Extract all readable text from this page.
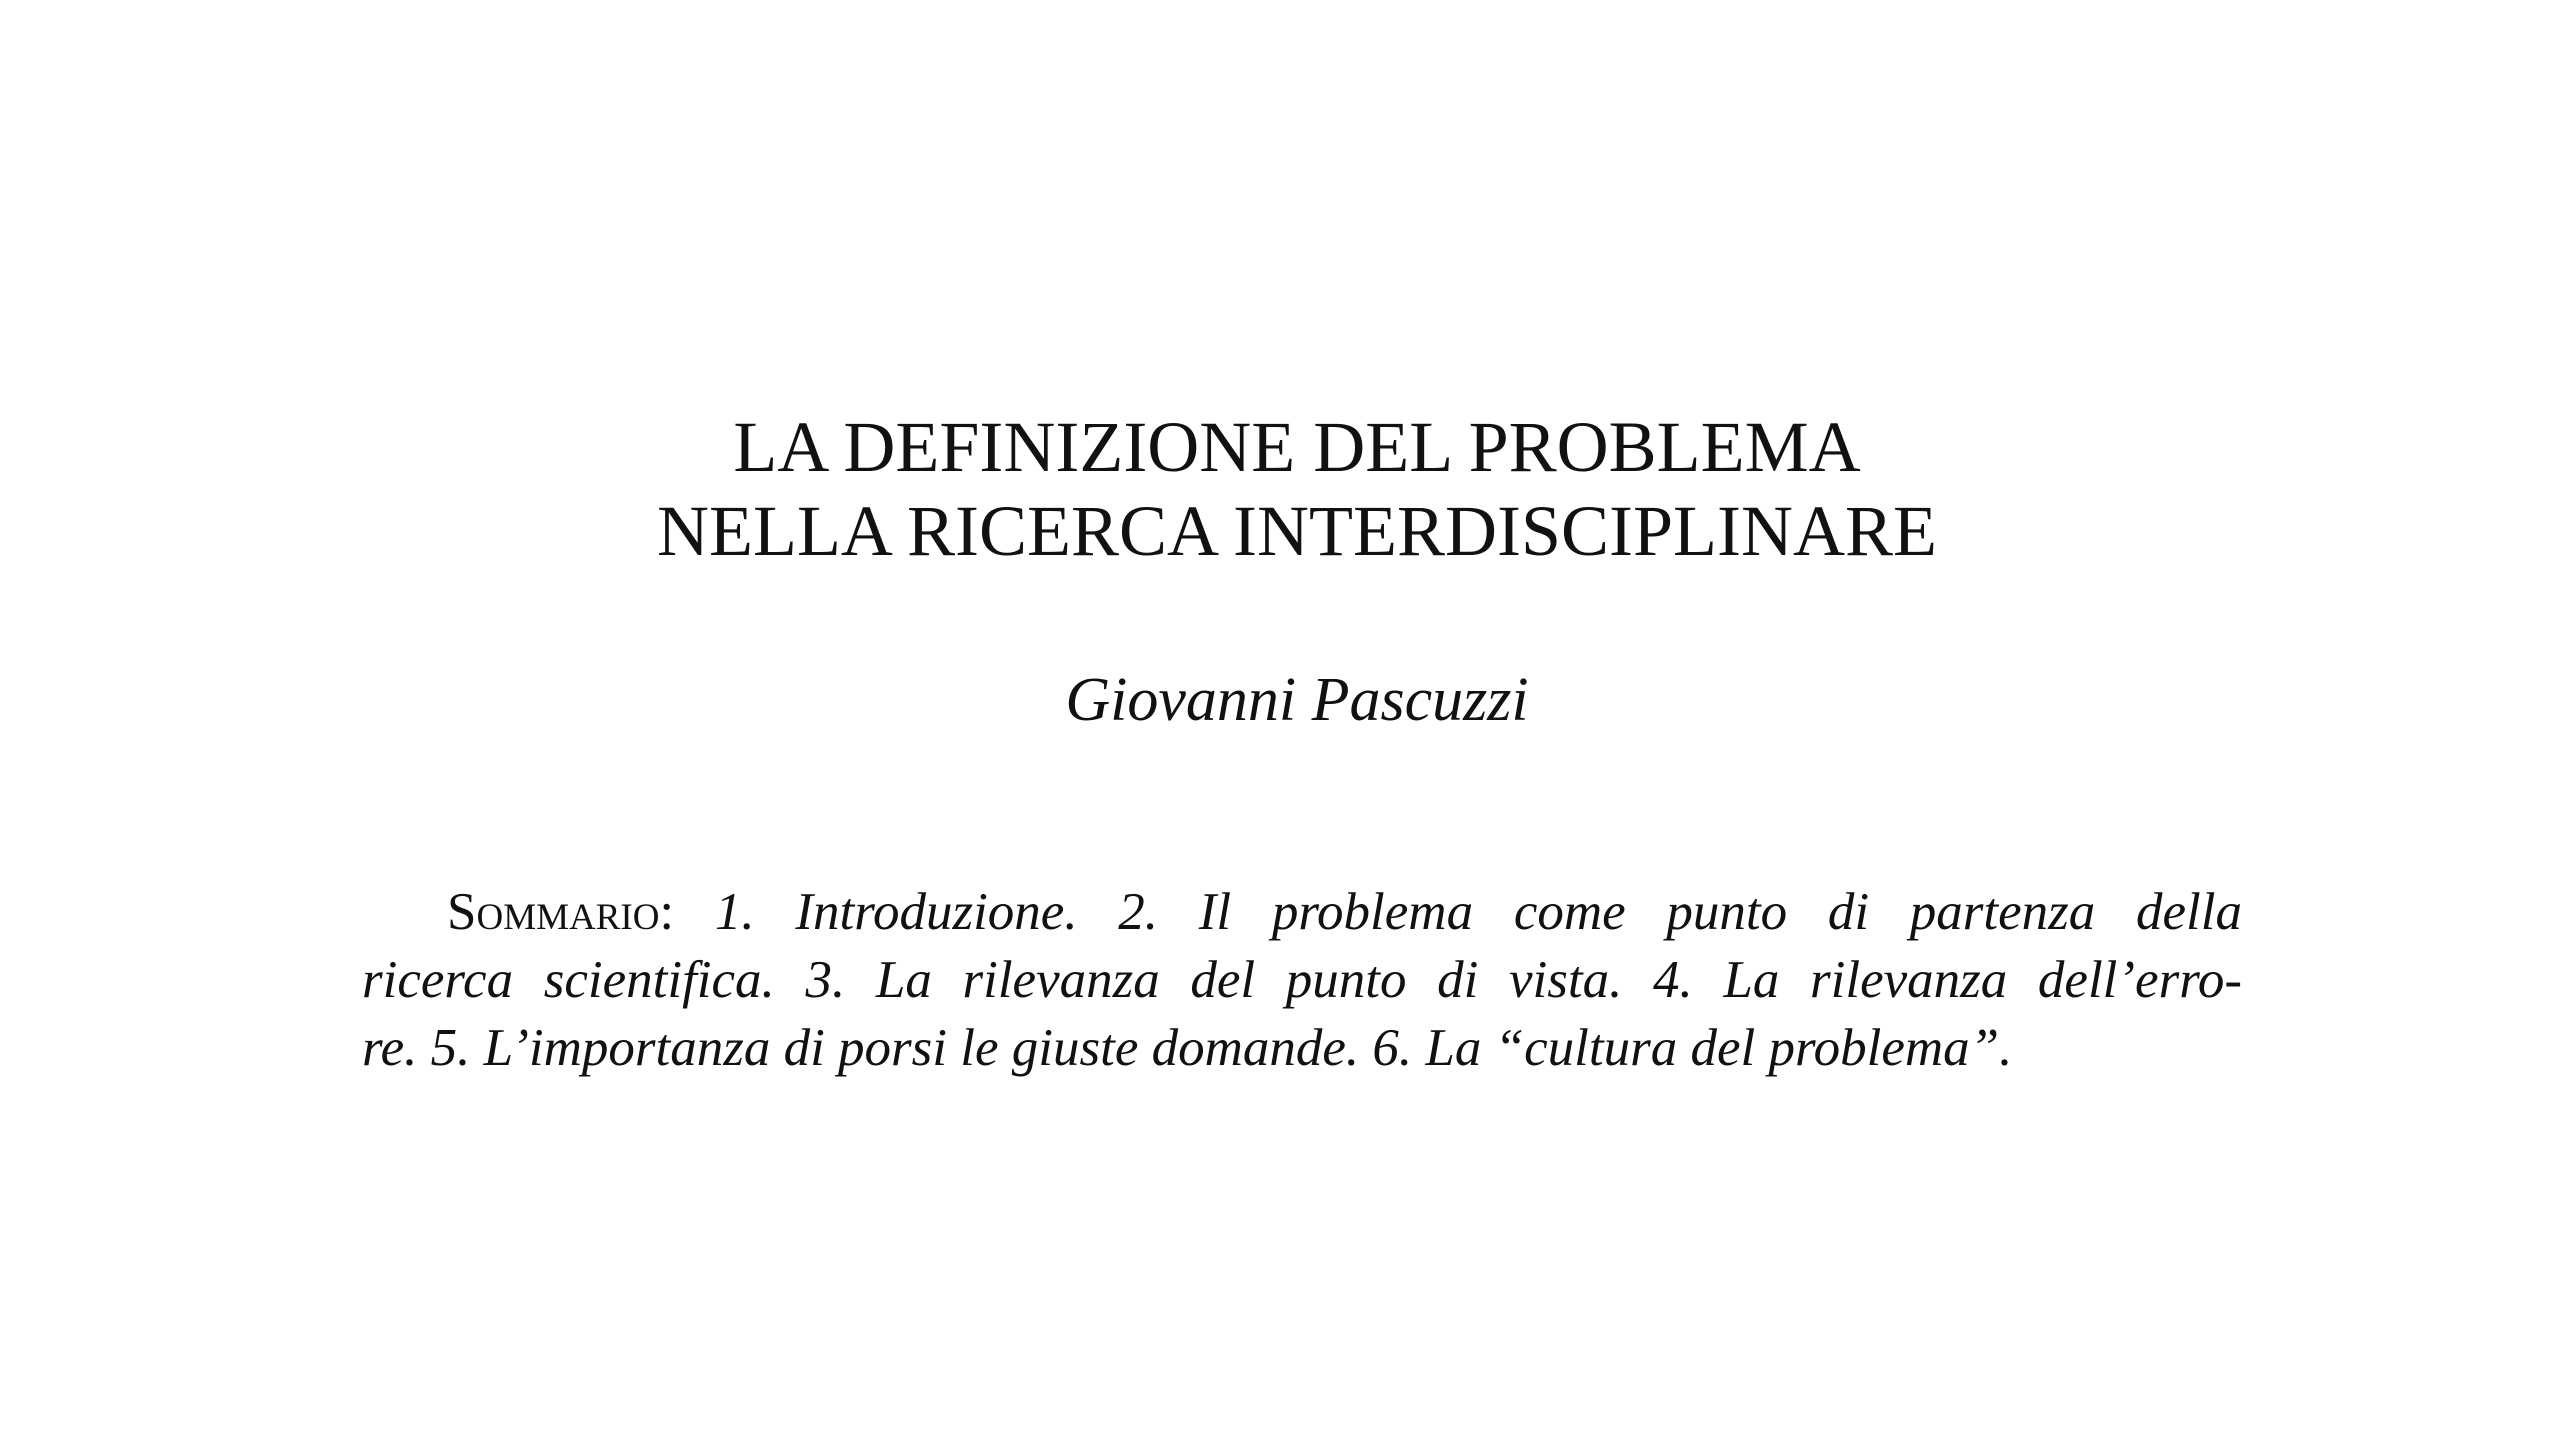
LA DEFINIZIONE DEL PROBLEMA
NELLA RICERCA INTERDISCIPLINARE
Giovanni Pascuzzi
Sommario: 1. Introduzione. 2. Il problema come punto di partenza della
ricerca scientifica. 3. La rilevanza del punto di vista. 4. La rilevanza dell’erro-
re. 5. L’importanza di porsi le giuste domande. 6. La “cultura del problema”.
